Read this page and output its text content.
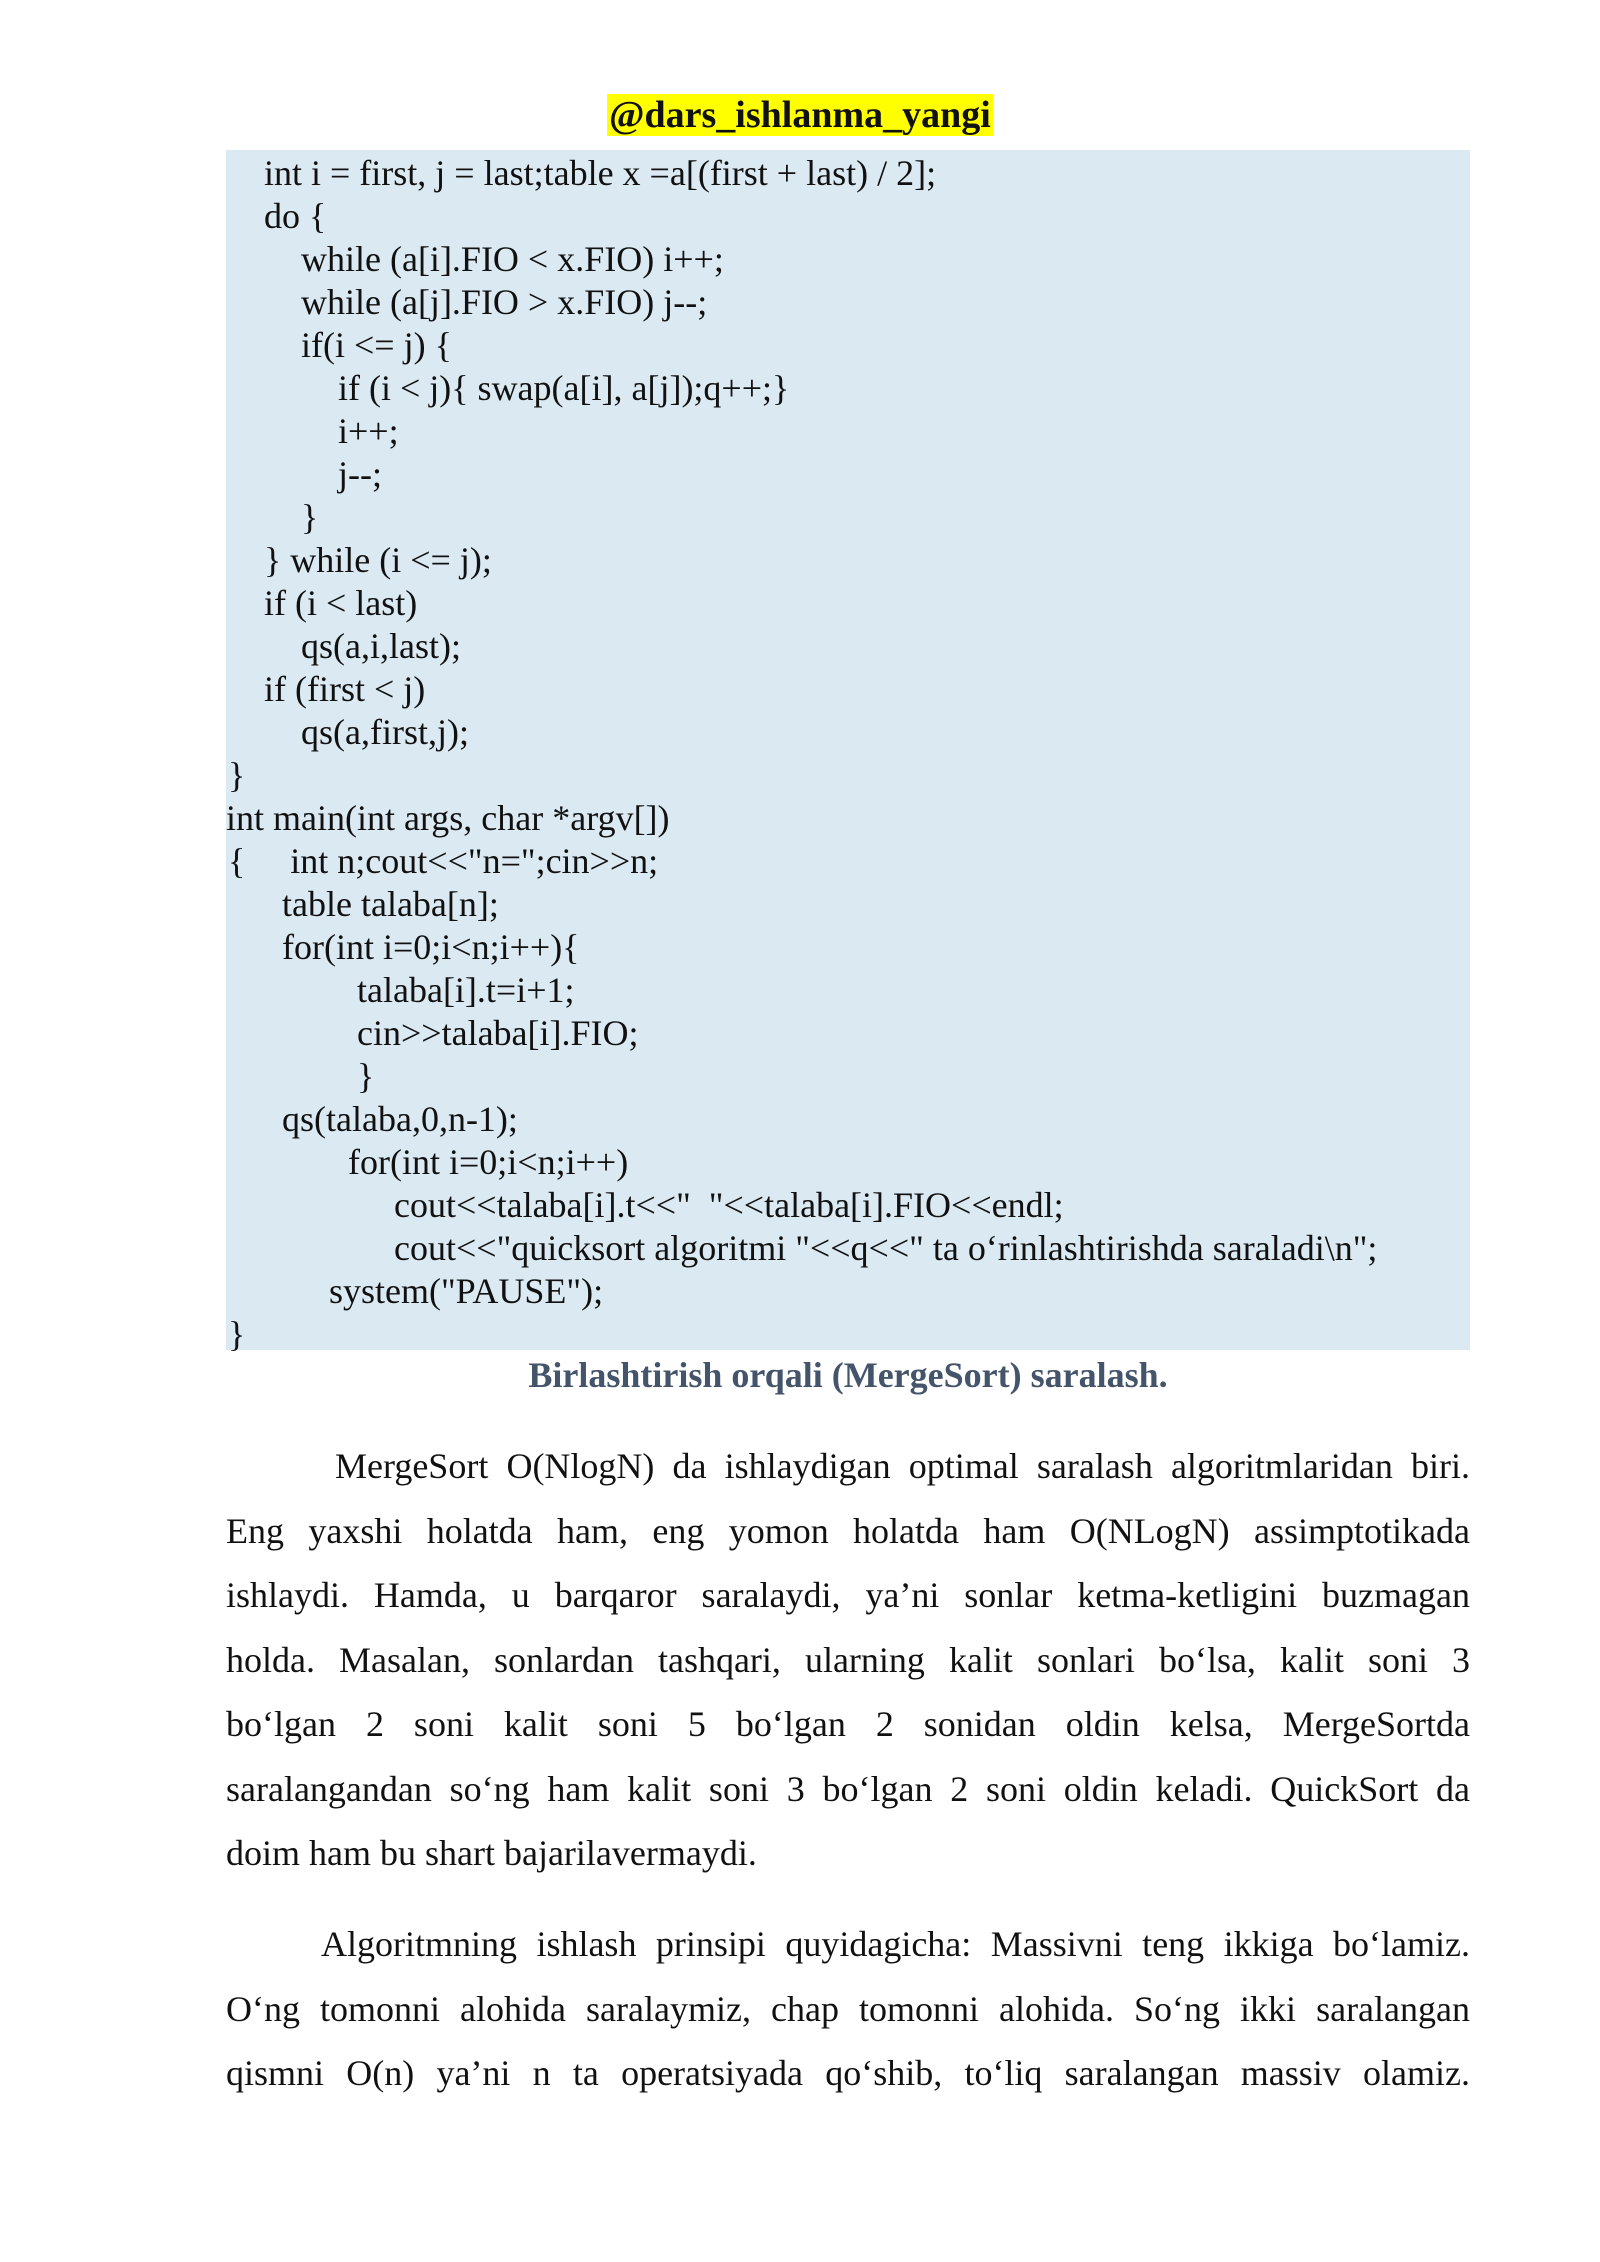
@dars_ishlanma_yangi
int i = first, j = last;table x =a[(first + last) / 2];
do {
while (a[i].FIO < x.FIO) i++;
while (a[j].FIO > x.FIO) j--;
if(i <= j) {
if (i < j){ swap(a[i], a[j]);q++;}
i++;
j--;
}
} while (i <= j);
if (i < last)
qs(a,i,last);
if (first < j)
qs(a,first,j);
}
int main(int args, char *argv[])
{     int n;cout<<"n=";cin>>n;
table talaba[n];
for(int i=0;i<n;i++){
talaba[i].t=i+1;
cin>>talaba[i].FIO;
}
qs(talaba,0,n-1);
for(int i=0;i<n;i++)
cout<<talaba[i].t<<"  "<<talaba[i].FIO<<endl;
cout<<"quicksort algoritmi "<<q<<" ta o‘rinlashtirishda saraladi\n";
system("PAUSE");
}
Birlashtirish orqali (MergeSort) saralash.
MergeSort O(NlogN) da ishlaydigan optimal saralash algoritmlaridan biri.
Eng yaxshi holatda ham, eng yomon holatda ham O(NLogN) assimptotikada
ishlaydi. Hamda, u barqaror saralaydi, ya’ni sonlar ketma-ketligini buzmagan
holda. Masalan, sonlardan tashqari, ularning kalit sonlari bo‘lsa, kalit soni 3
bo‘lgan 2 soni kalit soni 5 bo‘lgan 2 sonidan oldin kelsa, MergeSortda
saralangandan so‘ng ham kalit soni 3 bo‘lgan 2 soni oldin keladi. QuickSort da
doim ham bu shart bajarilavermaydi.
Algoritmning ishlash prinsipi quyidagicha: Massivni teng ikkiga bo‘lamiz.
O‘ng tomonni alohida saralaymiz, chap tomonni alohida. So‘ng ikki saralangan
qismni O(n) ya’ni n ta operatsiyada qo‘shib, to‘liq saralangan massiv olamiz.
